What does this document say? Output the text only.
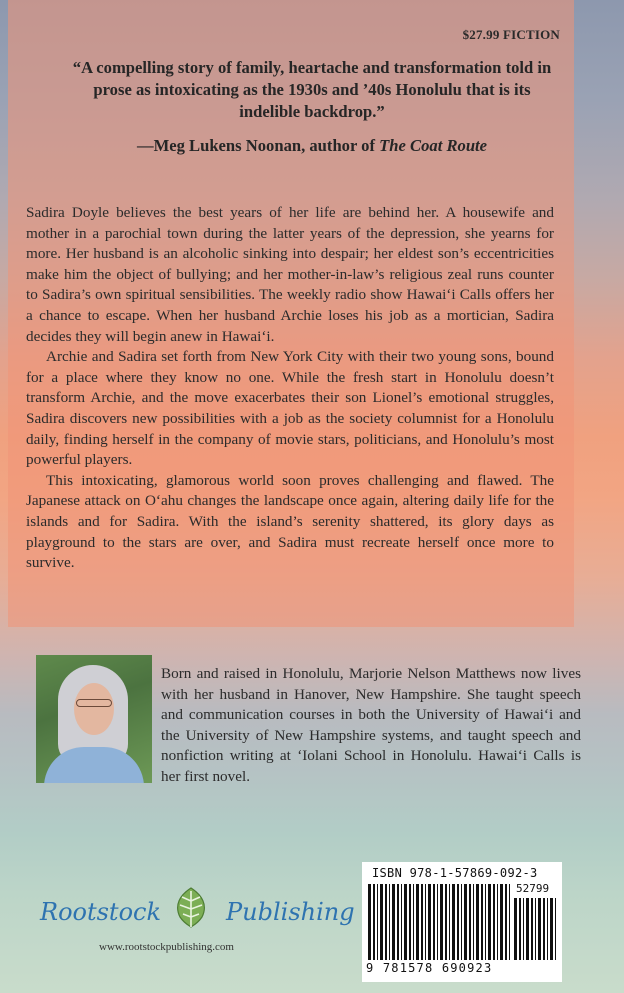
$27.99 FICTION
“A compelling story of family, heartache and transformation told in prose as intoxicating as the 1930s and ’40s Honolulu that is its indelible backdrop.”
—Meg Lukens Noonan, author of The Coat Route

Sadira Doyle believes the best years of her life are behind her. A housewife and mother in a parochial town during the latter years of the depression, she yearns for more. Her husband is an alcoholic sinking into despair; her eldest son’s eccentricities make him the object of bullying; and her mother-in-law’s religious zeal runs counter to Sadira’s own spiritual sensibilities. The weekly radio show Hawai‘i Calls offers her a chance to escape. When her husband Archie loses his job as a mortician, Sadira decides they will begin anew in Hawai‘i.

Archie and Sadira set forth from New York City with their two young sons, bound for a place where they know no one. While the fresh start in Honolulu doesn’t transform Archie, and the move exacerbates their son Lionel’s emotional struggles, Sadira discovers new possibilities with a job as the society columnist for a Honolulu daily, finding herself in the company of movie stars, politicians, and Honolulu’s most powerful players.

This intoxicating, glamorous world soon proves challenging and flawed. The Japanese attack on O‘ahu changes the landscape once again, altering daily life for the islands and for Sadira. With the island’s serenity shattered, its glory days as playground to the stars are over, and Sadira must recreate herself once more to survive.

Born and raised in Honolulu, Marjorie Nelson Matthews now lives with her husband in Hanover, New Hampshire. She taught speech and communication courses in both the University of Hawai‘i and the University of New Hampshire systems, and taught speech and nonfiction writing at ‘Iolani School in Honolulu. Hawai‘i Calls is her first novel.
Rootstock	Publishing
www.rootstockpublishing.com
ISBN 978-1-57869-092-3
52799
9 781578 690923
